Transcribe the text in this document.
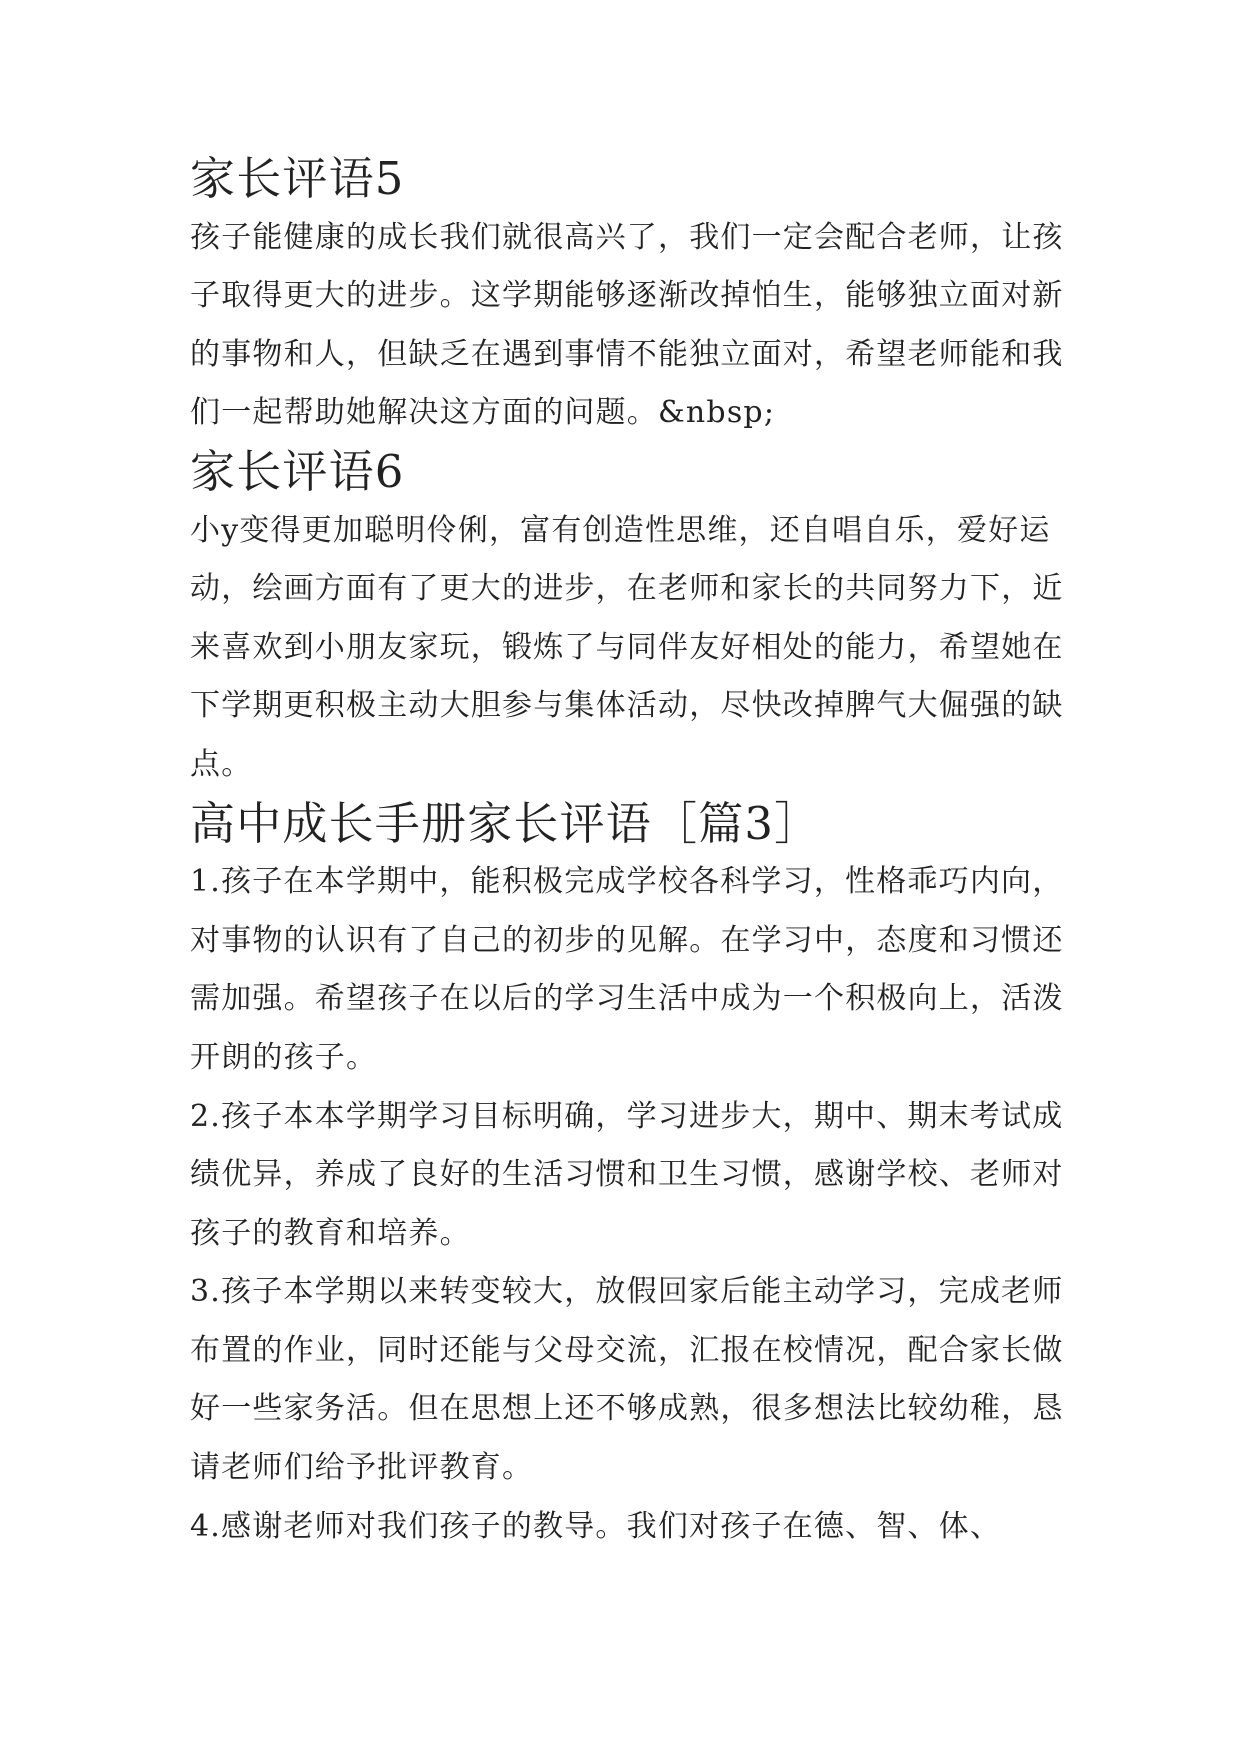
家长评语5

孩子能健康的成长我们就很高兴了，我们一定会配合老师，让孩子取得更大的进步。这学期能够逐渐改掉怕生，能够独立面对新的事物和人，但缺乏在遇到事情不能独立面对，希望老师能和我们一起帮助她解决这方面的问题。&nbsp;

家长评语6

小y变得更加聪明伶俐，富有创造性思维，还自唱自乐，爱好运动，绘画方面有了更大的进步，在老师和家长的共同努力下，近来喜欢到小朋友家玩，锻炼了与同伴友好相处的能力，希望她在下学期更积极主动大胆参与集体活动，尽快改掉脾气大倔强的缺点。

高中成长手册家长评语［篇3］

1.孩子在本学期中，能积极完成学校各科学习，性格乖巧内向，对事物的认识有了自己的初步的见解。在学习中，态度和习惯还需加强。希望孩子在以后的学习生活中成为一个积极向上，活泼开朗的孩子。

2.孩子本本学期学习目标明确，学习进步大，期中、期末考试成绩优异，养成了良好的生活习惯和卫生习惯，感谢学校、老师对孩子的教育和培养。

3.孩子本学期以来转变较大，放假回家后能主动学习，完成老师布置的作业，同时还能与父母交流，汇报在校情况，配合家长做好一些家务活。但在思想上还不够成熟，很多想法比较幼稚，恳请老师们给予批评教育。

4.感谢老师对我们孩子的教导。我们对孩子在德、智、体、
